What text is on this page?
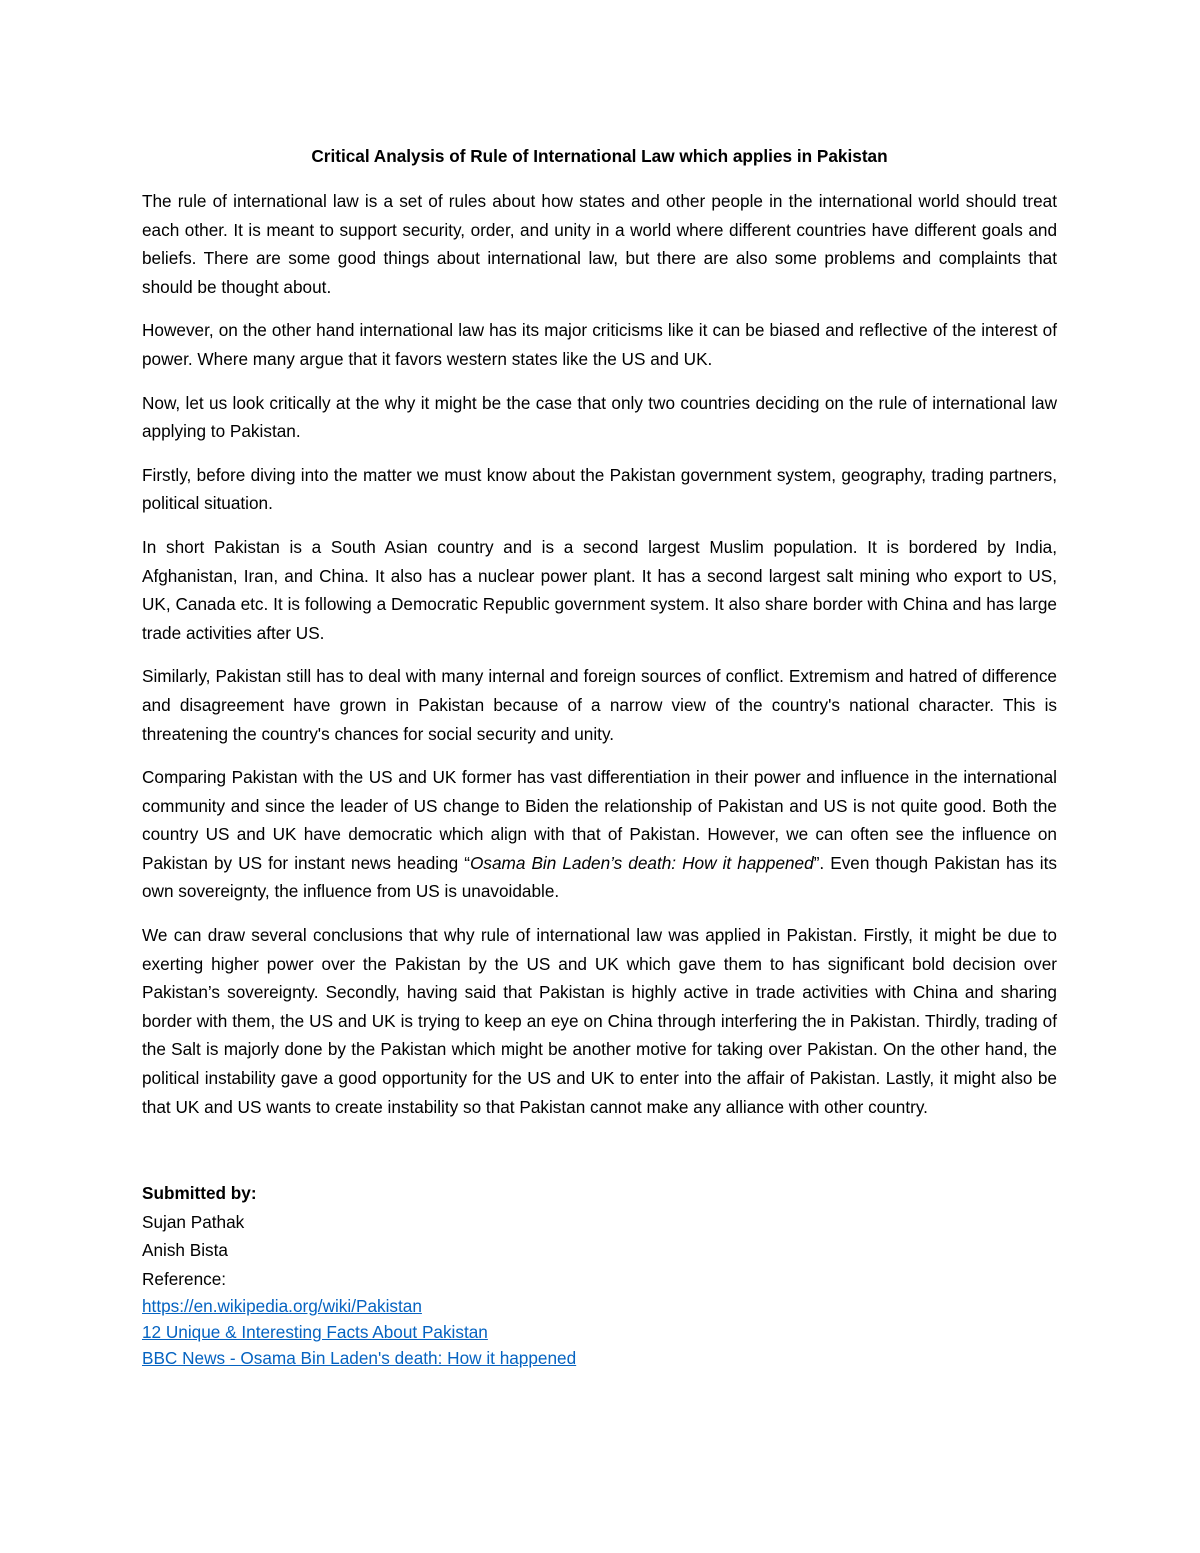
Critical Analysis of Rule of International Law which applies in Pakistan

The rule of international law is a set of rules about how states and other people in the international world should treat each other. It is meant to support security, order, and unity in a world where different countries have different goals and beliefs. There are some good things about international law, but there are also some problems and complaints that should be thought about.

However, on the other hand international law has its major criticisms like it can be biased and reflective of the interest of power. Where many argue that it favors western states like the US and UK.

Now, let us look critically at the why it might be the case that only two countries deciding on the rule of international law applying to Pakistan.

Firstly, before diving into the matter we must know about the Pakistan government system, geography, trading partners, political situation.

In short Pakistan is a South Asian country and is a second largest Muslim population. It is bordered by India, Afghanistan, Iran, and China. It also has a nuclear power plant. It has a second largest salt mining who export to US, UK, Canada etc. It is following a Democratic Republic government system. It also share border with China and has large trade activities after US.

Similarly, Pakistan still has to deal with many internal and foreign sources of conflict. Extremism and hatred of difference and disagreement have grown in Pakistan because of a narrow view of the country's national character. This is threatening the country's chances for social security and unity.

Comparing Pakistan with the US and UK former has vast differentiation in their power and influence in the international community and since the leader of US change to Biden the relationship of Pakistan and US is not quite good. Both the country US and UK have democratic which align with that of Pakistan. However, we can often see the influence on Pakistan by US for instant news heading “Osama Bin Laden’s death: How it happened”. Even though Pakistan has its own sovereignty, the influence from US is unavoidable.

We can draw several conclusions that why rule of international law was applied in Pakistan. Firstly, it might be due to exerting higher power over the Pakistan by the US and UK which gave them to has significant bold decision over Pakistan’s sovereignty. Secondly, having said that Pakistan is highly active in trade activities with China and sharing border with them, the US and UK is trying to keep an eye on China through interfering the in Pakistan. Thirdly, trading of the Salt is majorly done by the Pakistan which might be another motive for taking over Pakistan. On the other hand, the political instability gave a good opportunity for the US and UK to enter into the affair of Pakistan. Lastly, it might also be that UK and US wants to create instability so that Pakistan cannot make any alliance with other country.

Submitted by:
Sujan Pathak
Anish Bista
Reference:
https://en.wikipedia.org/wiki/Pakistan
12 Unique & Interesting Facts About Pakistan
BBC News - Osama Bin Laden's death: How it happened
